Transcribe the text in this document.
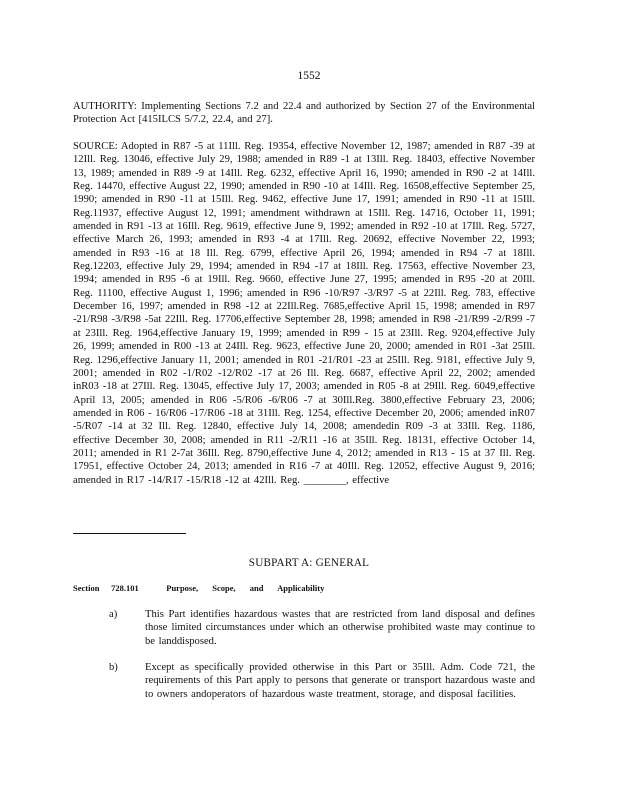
1552
AUTHORITY: Implementing Sections 7.2 and 22.4 and authorized by Section 27 of the Environmental Protection Act [415ILCS 5/7.2, 22.4, and 27].
SOURCE: Adopted in R87 -5 at 11Ill. Reg. 19354, effective November 12, 1987; amended in R87 -39 at 12Ill. Reg. 13046, effective July 29, 1988; amended in R89 -1 at 13Ill. Reg. 18403, effective November 13, 1989; amended in R89 -9 at 14Ill. Reg. 6232, effective April 16, 1990; amended in R90 -2 at 14Ill. Reg. 14470, effective August 22, 1990; amended in R90 -10 at 14Ill. Reg. 16508,effective September 25, 1990; amended in R90 -11 at 15Ill. Reg. 9462, effective June 17, 1991; amended in R90 -11 at 15Ill. Reg.11937, effective August 12, 1991; amendment withdrawn at 15Ill. Reg. 14716, October 11, 1991; amended in R91 -13 at 16Ill. Reg. 9619, effective June 9, 1992; amended in R92 -10 at 17Ill. Reg. 5727, effective March 26, 1993; amended in R93 -4 at 17Ill. Reg. 20692, effective November 22, 1993; amended in R93 -16 at 18 Ill. Reg. 6799, effective April 26, 1994; amended in R94 -7 at 18Ill. Reg.12203, effective July 29, 1994; amended in R94 -17 at 18Ill. Reg. 17563, effective November 23, 1994; amended in R95 -6 at 19Ill. Reg. 9660, effective June 27, 1995; amended in R95 -20 at 20Ill. Reg. 11100, effective August 1, 1996; amended in R96 -10/R97 -3/R97 -5 at 22Ill. Reg. 783, effective December 16, 1997; amended in R98 -12 at 22Ill.Reg. 7685,effective April 15, 1998; amended in R97 -21/R98 -3/R98 -5at 22Ill. Reg. 17706,effective September 28, 1998; amended in R98 -21/R99 -2/R99 -7 at 23Ill. Reg. 1964,effective January 19, 1999; amended in R99 - 15 at 23Ill. Reg. 9204,effective July 26, 1999; amended in R00 -13 at 24Ill. Reg. 9623, effective June 20, 2000; amended in R01 -3at 25Ill. Reg. 1296,effective January 11, 2001; amended in R01 -21/R01 -23 at 25Ill. Reg. 9181, effective July 9, 2001; amended in R02 -1/R02 -12/R02 -17 at 26 Ill. Reg. 6687, effective April 22, 2002; amended inR03 -18 at 27Ill. Reg. 13045, effective July 17, 2003; amended in R05 -8 at 29Ill. Reg. 6049,effective April 13, 2005; amended in R06 -5/R06 -6/R06 -7 at 30Ill.Reg. 3800,effective February 23, 2006; amended in R06 - 16/R06 -17/R06 -18 at 31Ill. Reg. 1254, effective December 20, 2006; amended inR07 -5/R07 -14 at 32 Ill. Reg. 12840, effective July 14, 2008; amendedin R09 -3 at 33Ill. Reg. 1186, effective December 30, 2008; amended in R11 -2/R11 -16 at 35Ill. Reg. 18131, effective October 14, 2011; amended in R1 2-7at 36Ill. Reg. 8790,effective June 4, 2012; amended in R13 - 15 at 37 Ill. Reg. 17951, effective October 24, 2013; amended in R16 -7 at 40Ill. Reg. 12052, effective August 9, 2016; amended in R17 -14/R17 -15/R18 -12 at 42Ill. Reg. ________, effective
SUBPART A: GENERAL
Section 728.101	Purpose, Scope, and Applicability
a)	This Part identifies hazardous wastes that are restricted from land disposal and defines those limited circumstances under which an otherwise prohibited waste may continue to be landdisposed.
b)	Except as specifically provided otherwise in this Part or 35Ill. Adm. Code 721, the requirements of this Part apply to persons that generate or transport hazardous waste and to owners andoperators of hazardous waste treatment, storage, and disposal facilities.
